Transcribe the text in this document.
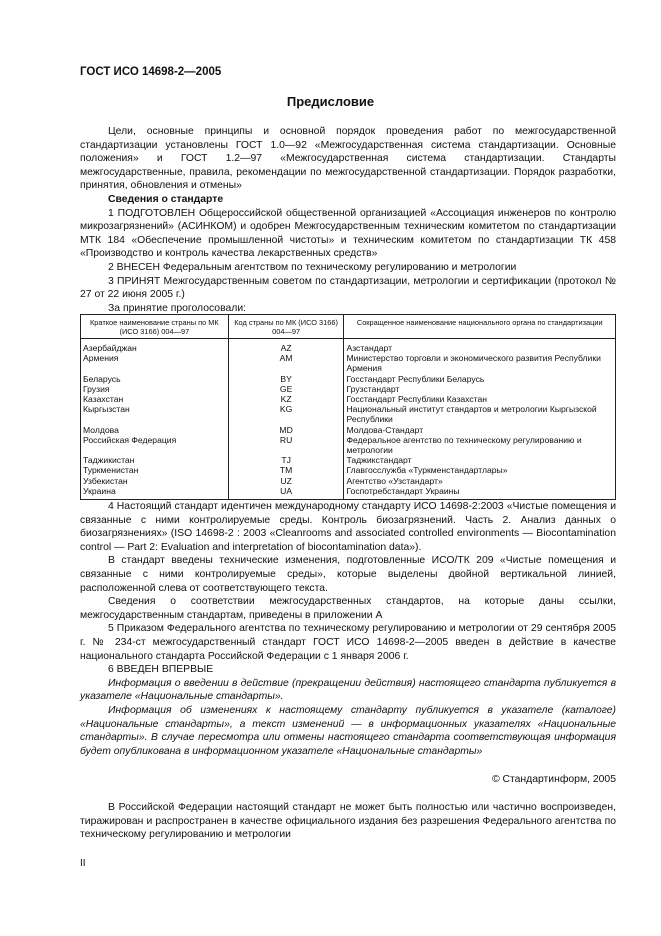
ГОСТ ИСО 14698-2—2005
Предисловие

Цели, основные принципы и основной порядок проведения работ по межгосударственной стандартизации установлены ГОСТ 1.0—92 «Межгосударственная система стандартизации. Основные положения» и ГОСТ 1.2—97 «Межгосударственная система стандартизации. Стандарты межгосударственные, правила, рекомендации по межгосударственной стандартизации. Порядок разработки, принятия, обновления и отмены»

Сведения о стандарте

1 ПОДГОТОВЛЕН Общероссийской общественной организацией «Ассоциация инженеров по контролю микрозагрязнений» (АСИНКОМ) и одобрен Межгосударственным техническим комитетом по стандартизации МТК 184 «Обеспечение промышленной чистоты» и техническим комитетом по стандартизации ТК 458 «Производство и контроль качества лекарственных средств»

2 ВНЕСЕН Федеральным агентством по техническому регулированию и метрологии

3 ПРИНЯТ Межгосударственным советом по стандартизации, метрологии и сертификации (протокол № 27 от 22 июня 2005 г.)

За принятие проголосовали:

Краткое наименование страны по МК (ИСО 3166) 004—97	Код страны по МК (ИСО 3166) 004—97	Сокращенное наименование национального органа по стандартизации
Азербайджан	AZ	Азстандарт
Армения	AM	Министерство торговли и экономического развития Республики Армения
Беларусь	BY	Госстандарт Республики Беларусь
Грузия	GE	Грузстандарт
Казахстан	KZ	Госстандарт Республики Казахстан
Кыргызстан	KG	Национальный институт стандартов и метрологии Кыргызской Республики
Молдова	MD	Молдова-Стандарт
Российская Федерация	RU	Федеральное агентство по техническому регулированию и метрологии
Таджикистан	TJ	Таджикстандарт
Туркменистан	TM	Главгосслужба «Туркменстандартлары»
Узбекистан	UZ	Агентство «Узстандарт»
Украина	UA	Госпотребстандарт Украины

4 Настоящий стандарт идентичен международному стандарту ИСО 14698-2:2003 «Чистые помещения и связанные с ними контролируемые среды. Контроль биозагрязнений. Часть 2. Анализ данных о биозагрязнениях» (ISO 14698-2 : 2003 «Cleanrooms and associated controlled environments — Biocontamination control — Part 2: Evaluation and interpretation of biocontamination data»).

В стандарт введены технические изменения, подготовленные ИСО/ТК 209 «Чистые помещения и связанные с ними контролируемые среды», которые выделены двойной вертикальной линией, расположенной слева от соответствующего текста.

Сведения о соответствии межгосударственных стандартов, на которые даны ссылки, межгосударственным стандартам, приведены в приложении А

5 Приказом Федерального агентства по техническому регулированию и метрологии от 29 сентября 2005 г. № 234-ст межгосударственный стандарт ГОСТ ИСО 14698-2—2005 введен в действие в качестве национального стандарта Российской Федерации с 1 января 2006 г.

6 ВВЕДЕН ВПЕРВЫЕ

Информация о введении в действие (прекращении действия) настоящего стандарта публикуется в указателе «Национальные стандарты».

Информация об изменениях к настоящему стандарту публикуется в указателе (каталоге) «Национальные стандарты», а текст изменений — в информационных указателях «Национальные стандарты». В случае пересмотра или отмены настоящего стандарта соответствующая информация будет опубликована в информационном указателе «Национальные стандарты»

© Стандартинформ, 2005

В Российской Федерации настоящий стандарт не может быть полностью или частично воспроизведен, тиражирован и распространен в качестве официального издания без разрешения Федерального агентства по техническому регулированию и метрологии

II
